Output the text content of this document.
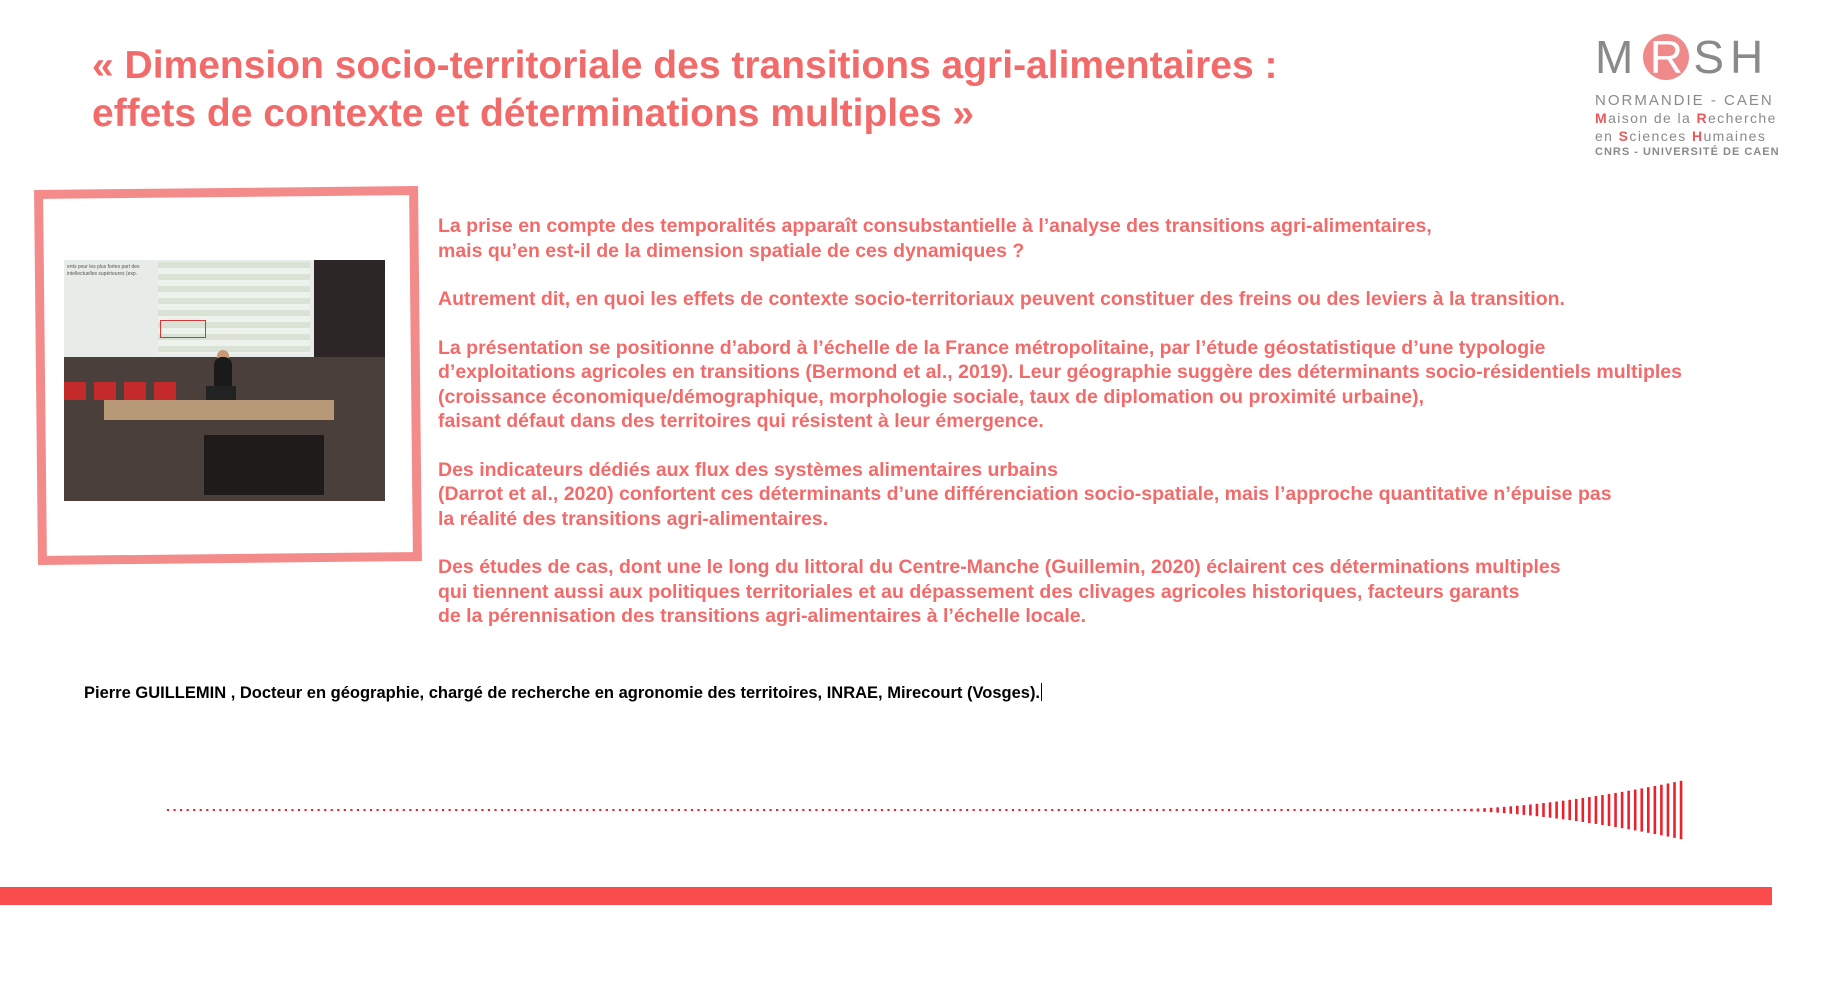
« Dimension socio-territoriale des transitions agri-alimentaires :
effets de contexte et déterminations multiples »
M R S H
NORMANDIE - CAEN
Maison de la Recherche
en Sciences Humaines
CNRS - UNIVERSITÉ DE CAEN
ents pour les plus fortes part des intellectuelles supérieures (exp.

La prise en compte des temporalités apparaît consubstantielle à l’analyse des transitions agri-alimentaires,
mais qu’en est-il de la dimension spatiale de ces dynamiques ?

Autrement dit, en quoi les effets de contexte socio-territoriaux peuvent constituer des freins ou des leviers à la transition.

La présentation se positionne d’abord à l’échelle de la France métropolitaine, par l’étude géostatistique d’une typologie
d’exploitations agricoles en transitions (Bermond et al., 2019). Leur géographie suggère des déterminants socio-résidentiels multiples
(croissance économique/démographique, morphologie sociale, taux de diplomation ou proximité urbaine),
faisant défaut dans des territoires qui résistent à leur émergence.

Des indicateurs dédiés aux flux des systèmes alimentaires urbains
(Darrot et al., 2020) confortent ces déterminants d’une différenciation socio-spatiale, mais l’approche quantitative n’épuise pas
la réalité des transitions agri-alimentaires.

Des études de cas, dont une le long du littoral du Centre-Manche (Guillemin, 2020) éclairent ces déterminations multiples
qui tiennent aussi aux politiques territoriales et au dépassement des clivages agricoles historiques, facteurs garants
de la pérennisation des transitions agri-alimentaires à l’échelle locale.

Pierre GUILLEMIN , Docteur en géographie, chargé de recherche en agronomie des territoires, INRAE, Mirecourt (Vosges).
